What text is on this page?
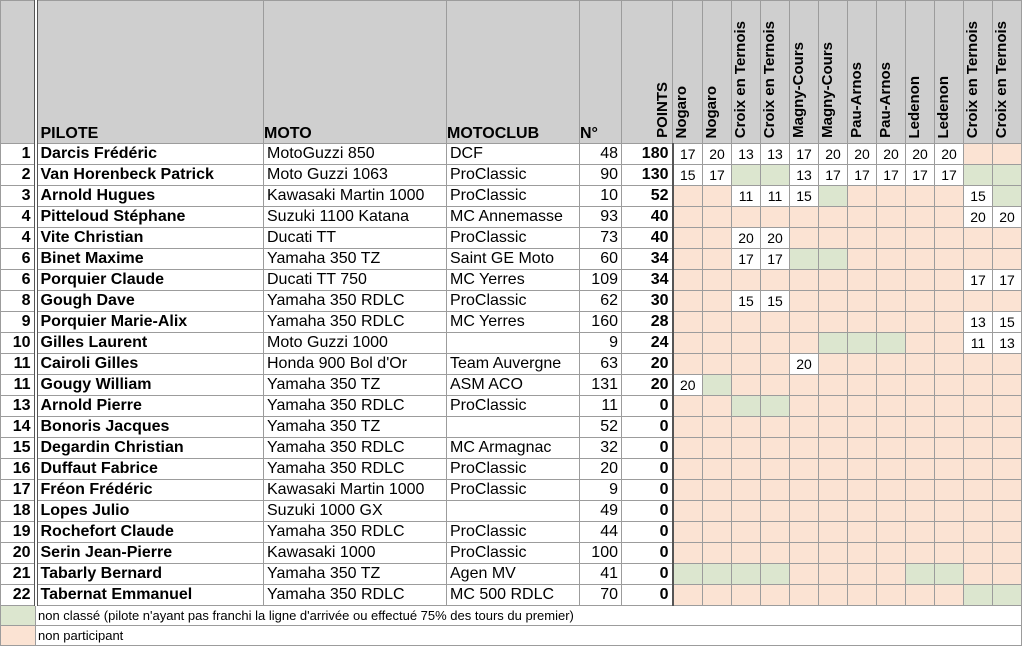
	PILOTE	MOTO	MOTOCLUB	N°	POINTS	Nogaro	Nogaro	Croix en Ternois	Croix en Ternois	Magny-Cours	Magny-Cours	Pau-Arnos	Pau-Arnos	Ledenon	Ledenon	Croix en Ternois	Croix en Ternois
1	Darcis Frédéric	MotoGuzzi 850	DCF	48	180	17	20	13	13	17	20	20	20	20	20		
2	Van Horenbeck Patrick	Moto Guzzi 1063	ProClassic	90	130	15	17			13	17	17	17	17	17		
3	Arnold Hugues	Kawasaki Martin 1000	ProClassic	10	52			11	11	15						15	
4	Pitteloud Stéphane	Suzuki 1100 Katana	MC Annemasse	93	40											20	20
4	Vite Christian	Ducati TT	ProClassic	73	40			20	20								
6	Binet Maxime	Yamaha 350 TZ	Saint GE Moto	60	34			17	17								
6	Porquier Claude	Ducati TT 750	MC Yerres	109	34											17	17
8	Gough Dave	Yamaha 350 RDLC	ProClassic	62	30			15	15								
9	Porquier Marie-Alix	Yamaha 350 RDLC	MC Yerres	160	28											13	15
10	Gilles Laurent	Moto Guzzi 1000		9	24											11	13
11	Cairoli Gilles	Honda 900 Bol d'Or	Team Auvergne	63	20					20							
11	Gougy William	Yamaha 350 TZ	ASM ACO	131	20	20											
13	Arnold Pierre	Yamaha 350 RDLC	ProClassic	11	0												
14	Bonoris Jacques	Yamaha 350 TZ		52	0												
15	Degardin Christian	Yamaha 350 RDLC	MC Armagnac	32	0												
16	Duffaut Fabrice	Yamaha 350 RDLC	ProClassic	20	0												
17	Fréon Frédéric	Kawasaki Martin 1000	ProClassic	9	0												
18	Lopes Julio	Suzuki 1000 GX		49	0												
19	Rochefort Claude	Yamaha 350 RDLC	ProClassic	44	0												
20	Serin Jean-Pierre	Kawasaki 1000	ProClassic	100	0												
21	Tabarly Bernard	Yamaha 350 TZ	Agen MV	41	0												
22	Tabernat Emmanuel	Yamaha 350 RDLC	MC 500 RDLC	70	0												
	non classé (pilote n'ayant pas franchi la ligne d'arrivée ou effectué 75% des tours du premier)																
	non participant																
